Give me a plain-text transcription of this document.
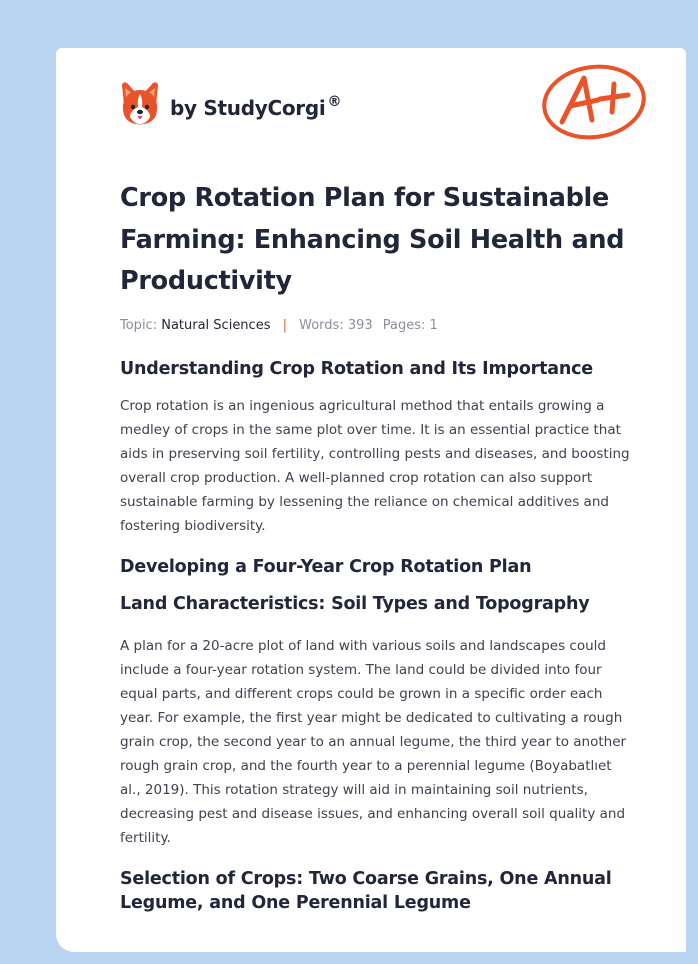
by StudyCorgi ®
Crop Rotation Plan for Sustainable Farming: Enhancing Soil Health and Productivity
Topic: Natural Sciences | Words: 393 Pages: 1
Understanding Crop Rotation and Its Importance

Crop rotation is an ingenious agricultural method that entails growing a medley of crops in the same plot over time. It is an essential practice that aids in preserving soil fertility, controlling pests and diseases, and boosting overall crop production. A well-planned crop rotation can also support sustainable farming by lessening the reliance on chemical additives and fostering biodiversity.

Developing a Four-Year Crop Rotation Plan
Land Characteristics: Soil Types and Topography

A plan for a 20-acre plot of land with various soils and landscapes could include a four-year rotation system. The land could be divided into four equal parts, and different crops could be grown in a specific order each year. For example, the first year might be dedicated to cultivating a rough grain crop, the second year to an annual legume, the third year to another rough grain crop, and the fourth year to a perennial legume (Boyabatlıet al., 2019). This rotation strategy will aid in maintaining soil nutrients, decreasing pest and disease issues, and enhancing overall soil quality and fertility.

Selection of Crops: Two Coarse Grains, One Annual Legume, and One Perennial Legume
